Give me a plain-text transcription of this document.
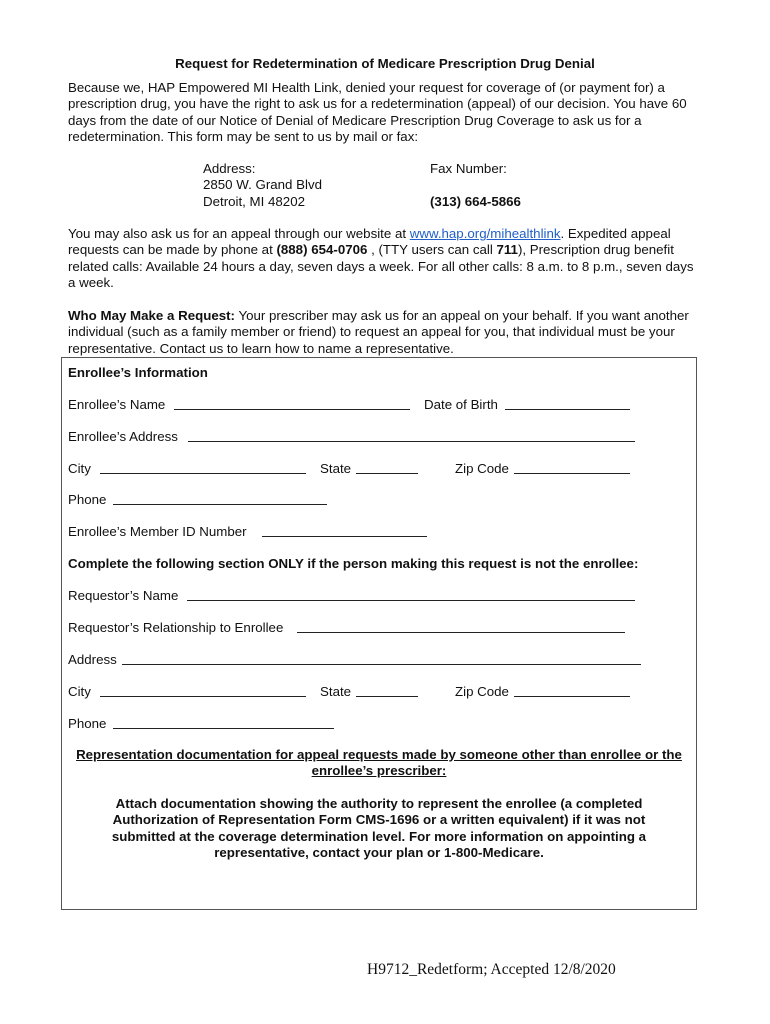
Request for Redetermination of Medicare Prescription Drug Denial

Because we, HAP Empowered MI Health Link, denied your request for coverage of (or payment for) a prescription drug, you have the right to ask us for a redetermination (appeal) of our decision. You have 60 days from the date of our Notice of Denial of Medicare Prescription Drug Coverage to ask us for a redetermination. This form may be sent to us by mail or fax:

Address:
2850 W. Grand Blvd
Detroit, MI 48202
Fax Number:
(313) 664-5866

You may also ask us for an appeal through our website at www.hap.org/mihealthlink. Expedited appeal requests can be made by phone at (888) 654-0706 , (TTY users can call 711), Prescription drug benefit related calls: Available 24 hours a day, seven days a week. For all other calls: 8 a.m. to 8 p.m., seven days a week.

Who May Make a Request: Your prescriber may ask us for an appeal on your behalf. If you want another individual (such as a family member or friend) to request an appeal for you, that individual must be your representative. Contact us to learn how to name a representative.

Enrollee’s Information
Enrollee’s Name	Date of Birth
Enrollee’s Address
City	State	Zip Code
Phone
Enrollee’s Member ID Number
Complete the following section ONLY if the person making this request is not the enrollee:
Requestor’s Name
Requestor’s Relationship to Enrollee
Address
City	State	Zip Code
Phone

Representation documentation for appeal requests made by someone other than enrollee or the enrollee’s prescriber:

Attach documentation showing the authority to represent the enrollee (a completed Authorization of Representation Form CMS-1696 or a written equivalent) if it was not submitted at the coverage determination level. For more information on appointing a representative, contact your plan or 1-800-Medicare.

H9712_Redetform; Accepted 12/8/2020
